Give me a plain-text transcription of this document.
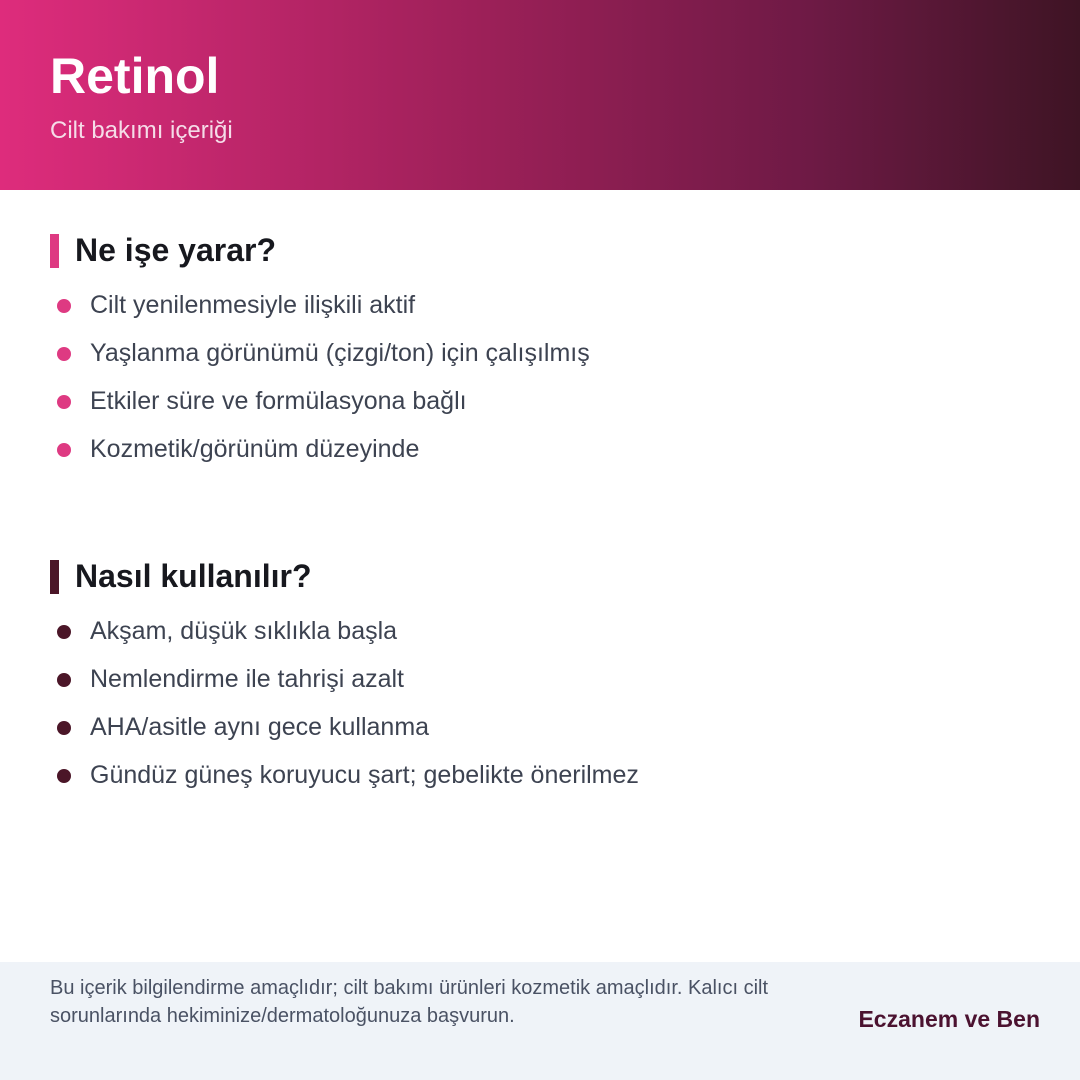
Retinol
Cilt bakımı içeriği
Ne işe yarar?
Cilt yenilenmesiyle ilişkili aktif
Yaşlanma görünümü (çizgi/ton) için çalışılmış
Etkiler süre ve formülasyona bağlı
Kozmetik/görünüm düzeyinde
Nasıl kullanılır?
Akşam, düşük sıklıkla başla
Nemlendirme ile tahrişi azalt
AHA/asitle aynı gece kullanma
Gündüz güneş koruyucu şart; gebelikte önerilmez
Bu içerik bilgilendirme amaçlıdır; cilt bakımı ürünleri kozmetik amaçlıdır. Kalıcı cilt sorunlarında hekiminize/dermatoloğunuza başvurun.	Eczanem ve Ben
